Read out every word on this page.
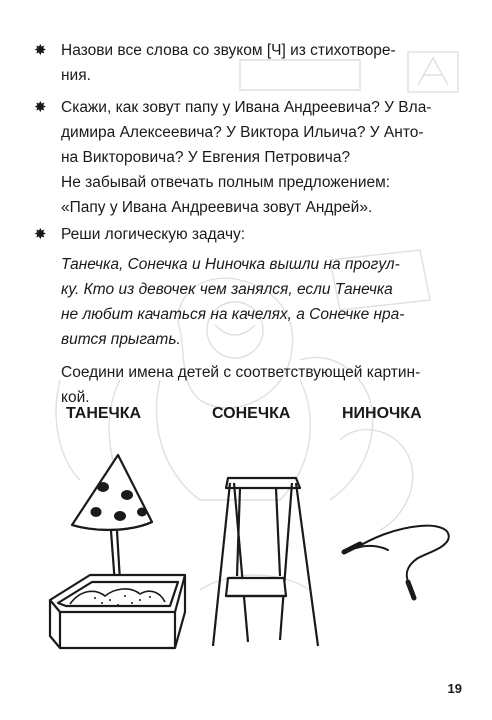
✸ Назови все слова со звуком [Ч] из стихотворе-

ния.

✸ Скажи, как зовут папу у Ивана Андреевича? У Вла-

димира Алексеевича? У Виктора Ильича? У Анто-

на Викторовича? У Евгения Петровича?

Не забывай отвечать полным предложением:

«Папу у Ивана Андреевича зовут Андрей».

✸ Реши логическую задачу:

Танечка, Сонечка и Ниночка вышли на прогул-

ку. Кто из девочек чем занялся, если Танечка

не любит качаться на качелях, а Сонечке нра-

вится прыгать.

Соедини имена детей с соответствующей картин-

кой.

ТАНЕЧКА	СОНЕЧКА	НИНОЧКА
19
